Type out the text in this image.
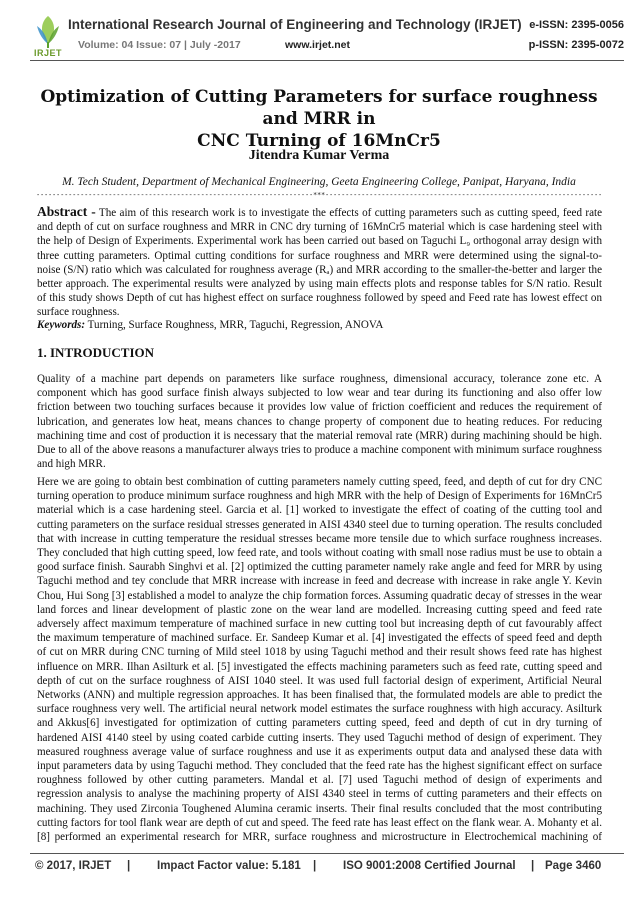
IRJET
International Research Journal of Engineering and Technology (IRJET) e-ISSN: 2395-0056
Volume: 04 Issue: 07 | July -2017	www.irjet.net	p-ISSN: 2395-0072
Optimization of Cutting Parameters for surface roughness and MRR in
CNC Turning of 16MnCr5
Jitendra Kumar Verma
M. Tech Student, Department of Mechanical Engineering, Geeta Engineering College, Panipat, Haryana, India
---------------------------------------------------------------------***---------------------------------------------------------------------
Abstract - The aim of this research work is to investigate the effects of cutting parameters such as cutting speed, feed rate and depth of cut on surface roughness and MRR in CNC dry turning of 16MnCr5 material which is case hardening steel with the help of Design of Experiments. Experimental work has been carried out based on Taguchi L₉ orthogonal array design with three cutting parameters. Optimal cutting conditions for surface roughness and MRR were determined using the signal-to-noise (S/N) ratio which was calculated for roughness average (Rₐ) and MRR according to the smaller-the-better and larger the better approach. The experimental results were analyzed by using main effects plots and response tables for S/N ratio. Result of this study shows Depth of cut has highest effect on surface roughness followed by speed and Feed rate has lowest effect on surface roughness.
Keywords: Turning, Surface Roughness, MRR, Taguchi, Regression, ANOVA
1. INTRODUCTION
Quality of a machine part depends on parameters like surface roughness, dimensional accuracy, tolerance zone etc. A component which has good surface finish always subjected to low wear and tear during its functioning and also offer low friction between two touching surfaces because it provides low value of friction coefficient and reduces the requirement of lubrication, and generates low heat, means chances to change property of component due to heating reduces. For reducing machining time and cost of production it is necessary that the material removal rate (MRR) during machining should be high. Due to all of the above reasons a manufacturer always tries to produce a machine component with minimum surface roughness and high MRR.
Here we are going to obtain best combination of cutting parameters namely cutting speed, feed, and depth of cut for dry CNC turning operation to produce minimum surface roughness and high MRR with the help of Design of Experiments for 16MnCr5 material which is a case hardening steel. Garcia et al. [1] worked to investigate the effect of coating of the cutting tool and cutting parameters on the surface residual stresses generated in AISI 4340 steel due to turning operation. The results concluded that with increase in cutting temperature the residual stresses became more tensile due to which surface roughness increases. They concluded that high cutting speed, low feed rate, and tools without coating with small nose radius must be use to obtain a good surface finish. Saurabh Singhvi et al. [2] optimized the cutting parameter namely rake angle and feed for MRR by using Taguchi method and tey conclude that MRR increase with increase in feed and decrease with increase in rake angle Y. Kevin Chou, Hui Song [3] established a model to analyze the chip formation forces. Assuming quadratic decay of stresses in the wear land forces and linear development of plastic zone on the wear land are modelled. Increasing cutting speed and feed rate adversely affect maximum temperature of machined surface in new cutting tool but increasing depth of cut favourably affect the maximum temperature of machined surface. Er. Sandeep Kumar et al. [4] investigated the effects of speed feed and depth of cut on MRR during CNC turning of Mild steel 1018 by using Taguchi method and their result shows feed rate has highest influence on MRR. Ilhan Asilturk et al. [5] investigated the effects machining parameters such as feed rate, cutting speed and depth of cut on the surface roughness of AISI 1040 steel. It was used full factorial design of experiment, Artificial Neural Networks (ANN) and multiple regression approaches. It has been finalised that, the formulated models are able to predict the surface roughness very well. The artificial neural network model estimates the surface roughness with high accuracy. Asilturk and Akkus[6] investigated for optimization of cutting parameters cutting speed, feed and depth of cut in dry turning of hardened AISI 4140 steel by using coated carbide cutting inserts. They used Taguchi method of design of experiment. They measured roughness average value of surface roughness and use it as experiments output data and analysed these data with input parameters data by using Taguchi method. They concluded that the feed rate has the highest significant effect on surface roughness followed by other cutting parameters. Mandal et al. [7] used Taguchi method of design of experiments and regression analysis to analyse the machining property of AISI 4340 steel in terms of cutting parameters and their effects on machining. They used Zirconia Toughened Alumina ceramic inserts. Their final results concluded that the most contributing cutting factors for tool flank wear are depth of cut and speed. The feed rate has least effect on the flank wear. A. Mohanty et al. [8] performed an experimental research for MRR, surface roughness and microstructure in Electrochemical machining of
© 2017, IRJET | Impact Factor value: 5.181 | ISO 9001:2008 Certified Journal | Page 3460
